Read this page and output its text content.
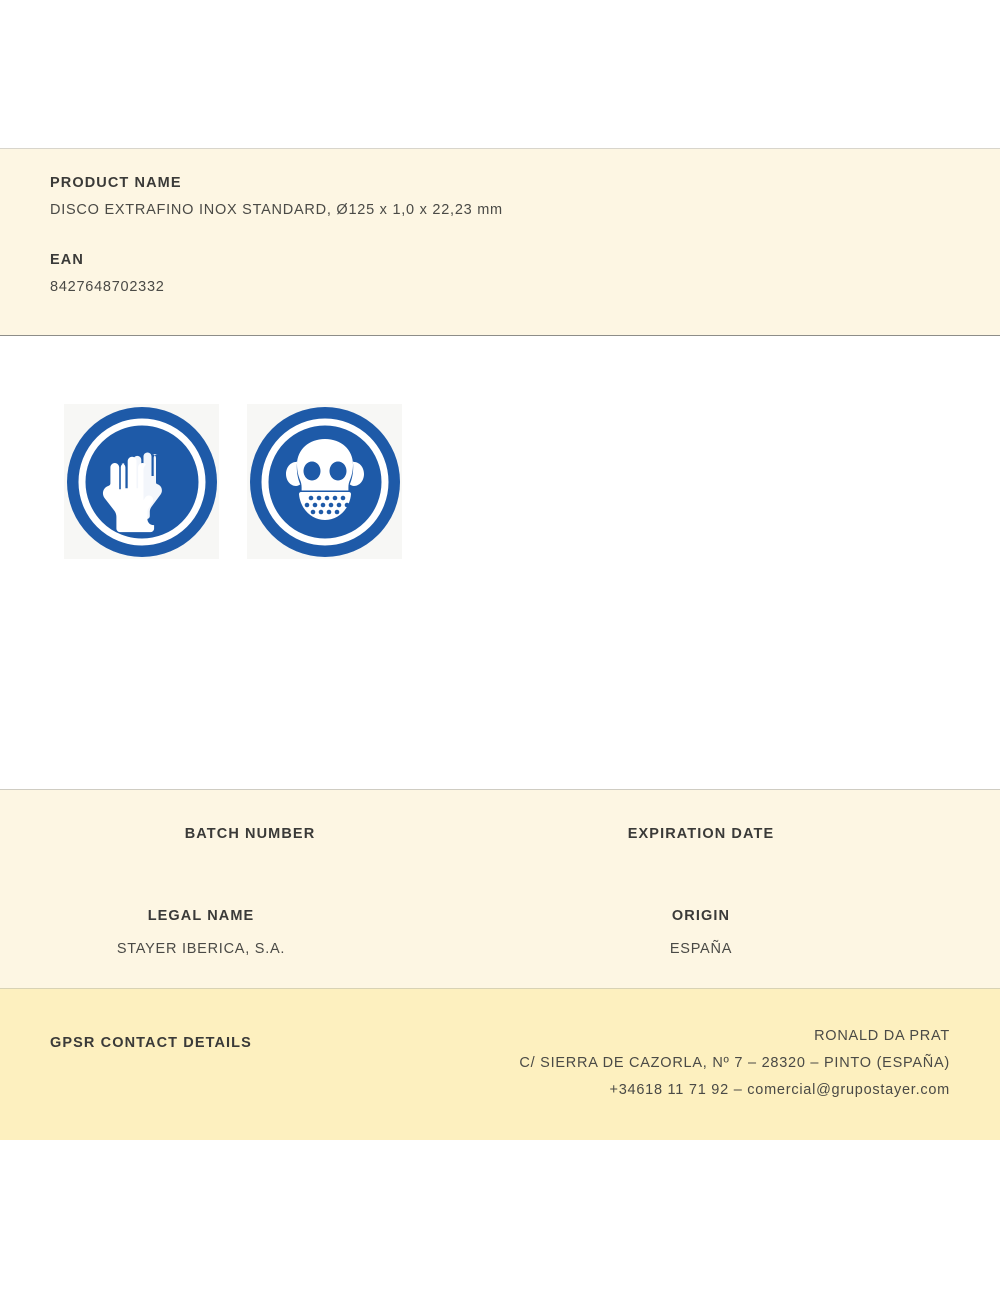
PRODUCT NAME
DISCO EXTRAFINO INOX STANDARD, Ø125 x 1,0 x 22,23 mm
EAN
8427648702332
BATCH NUMBER	EXPIRATION DATE
LEGAL NAME
STAYER IBERICA, S.A.
ORIGIN
ESPAÑA
GPSR CONTACT DETAILS	RONALD DA PRAT
C/ SIERRA DE CAZORLA, Nº 7 – 28320 – PINTO (ESPAÑA)
+34618 11 71 92 – comercial@grupostayer.com
